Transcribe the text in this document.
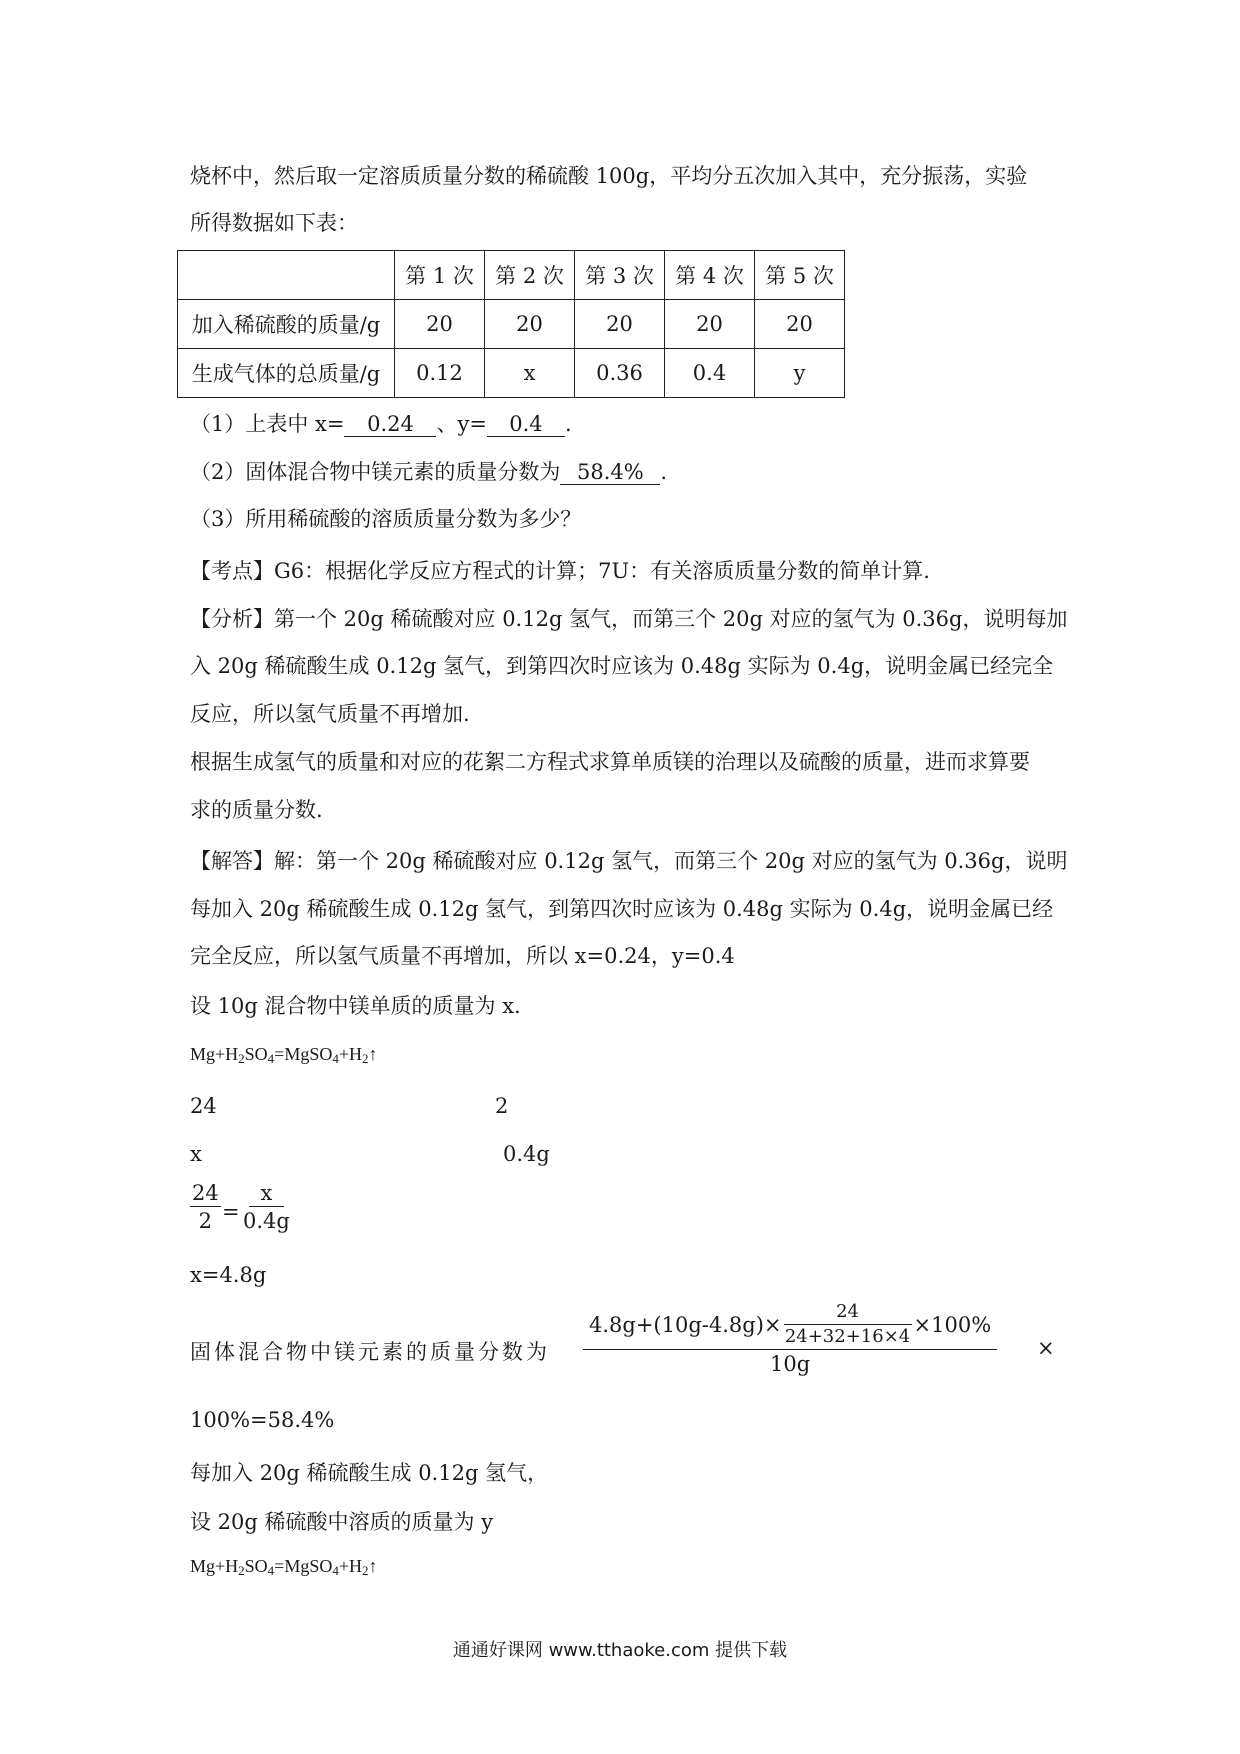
烧杯中，然后取一定溶质质量分数的稀硫酸 100g，平均分五次加入其中，充分振荡，实验
所得数据如下表：
	第 1 次	第 2 次	第 3 次	第 4 次	第 5 次
加入稀硫酸的质量/g	20	20	20	20	20
生成气体的总质量/g	0.12	x	0.36	0.4	y
（1）上表中 x= 0.24 、y= 0.4 .
（2）固体混合物中镁元素的质量分数为 58.4% .
（3）所用稀硫酸的溶质质量分数为多少？
【考点】G6：根据化学反应方程式的计算；7U：有关溶质质量分数的简单计算.
【分析】第一个 20g 稀硫酸对应 0.12g 氢气，而第三个 20g 对应的氢气为 0.36g，说明每加
入 20g 稀硫酸生成 0.12g 氢气，到第四次时应该为 0.48g 实际为 0.4g，说明金属已经完全
反应，所以氢气质量不再增加.
根据生成氢气的质量和对应的花絮二方程式求算单质镁的治理以及硫酸的质量，进而求算要
求的质量分数.
【解答】解：第一个 20g 稀硫酸对应 0.12g 氢气，而第三个 20g 对应的氢气为 0.36g，说明
每加入 20g 稀硫酸生成 0.12g 氢气，到第四次时应该为 0.48g 实际为 0.4g，说明金属已经
完全反应，所以氢气质量不再增加，所以 x=0.24，y=0.4
设 10g 混合物中镁单质的质量为 x.
$Mg+H_2SO_4=MgSO_4+H_2↑$
24	2
x	0.4g
$\frac{24}{2} = \frac{x}{0.4g}$
x=4.8g
固体混合物中镁元素的质量分数为
$4.8g+(10g-4.8g)\times \frac{24}{24+32+16\times 4} \times 100\%$
10g
×
100%=58.4%
每加入 20g 稀硫酸生成 0.12g 氢气，
设 20g 稀硫酸中溶质的质量为 y
$Mg+H_2SO_4=MgSO_4+H_2↑$
通通好课网 www.tthaoke.com 提供下载
